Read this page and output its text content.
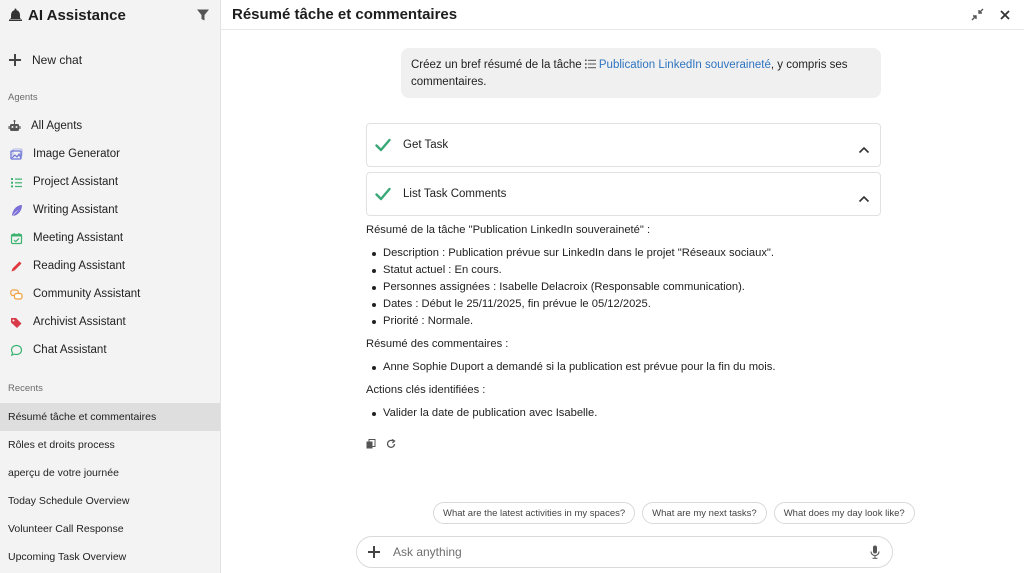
AI Assistance
New chat
Agents
All Agents
Image Generator
Project Assistant
Writing Assistant
Meeting Assistant
Reading Assistant
Community Assistant
Archivist Assistant
Chat Assistant
Recents
Résumé tâche et commentaires
Rôles et droits process
aperçu de votre journée
Today Schedule Overview
Volunteer Call Response
Upcoming Task Overview
Résumé tâche et commentaires
Créez un bref résumé de la tâche Publication LinkedIn souveraineté, y compris ses commentaires.
Get Task
List Task Comments

Résumé de la tâche "Publication LinkedIn souveraineté" :

Description : Publication prévue sur LinkedIn dans le projet "Réseaux sociaux".
Statut actuel : En cours.
Personnes assignées : Isabelle Delacroix (Responsable communication).
Dates : Début le 25/11/2025, fin prévue le 05/12/2025.
Priorité : Normale.

Résumé des commentaires :

Anne Sophie Duport a demandé si la publication est prévue pour la fin du mois.

Actions clés identifiées :

Valider la date de publication avec Isabelle.
What are the latest activities in my spaces?	What are my next tasks?	What does my day look like?
Ask anything
